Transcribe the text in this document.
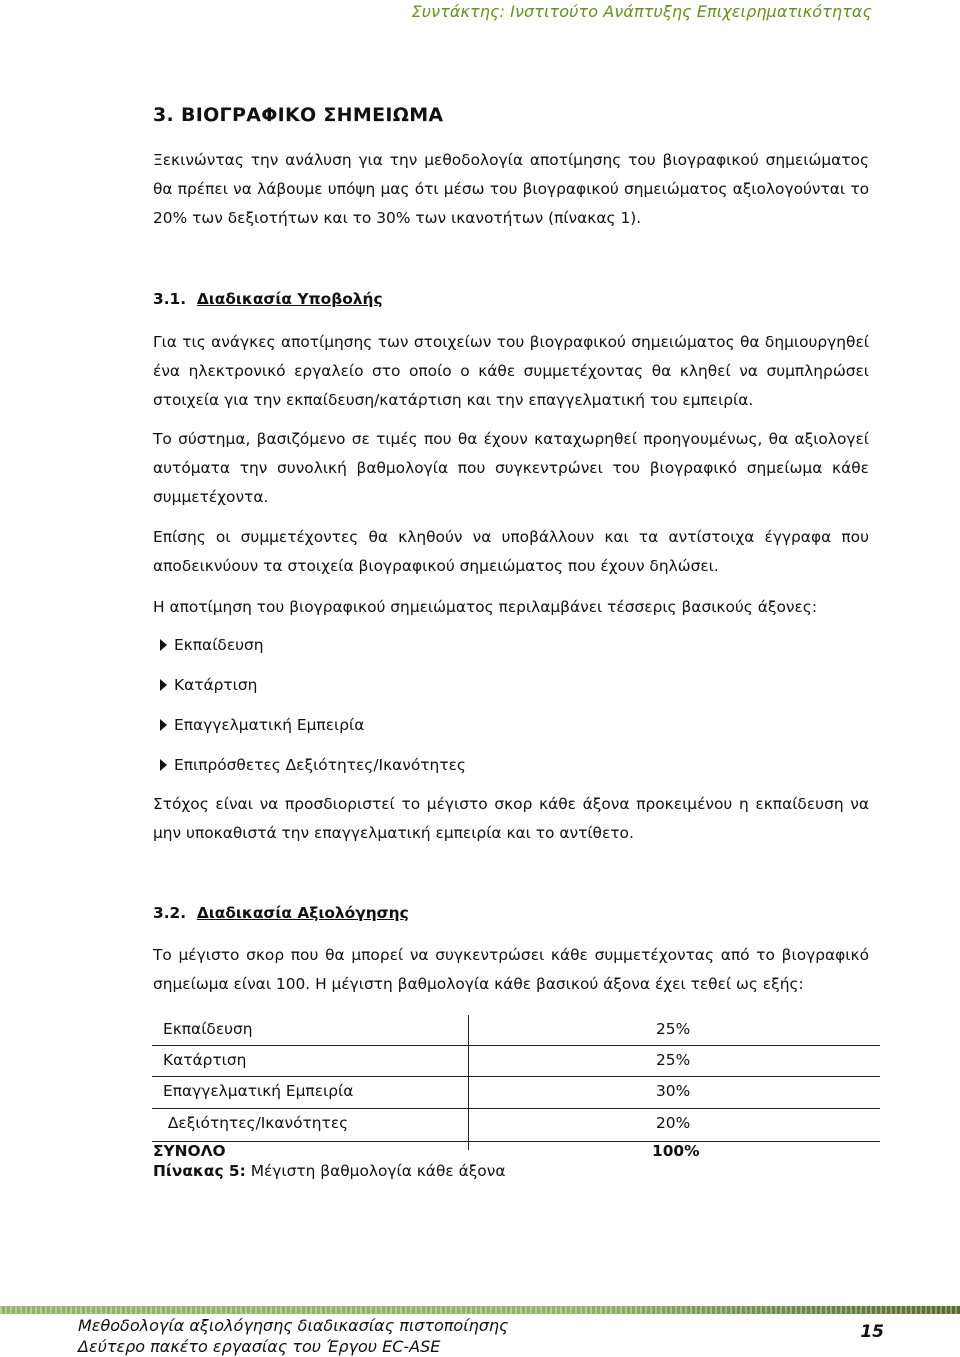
Συντάκτης: Ινστιτούτο Ανάπτυξης Επιχειρηματικότητας
3. ΒΙΟΓΡΑΦΙΚΟ ΣΗΜΕΙΩΜΑ
Ξεκινώντας την ανάλυση για την μεθοδολογία αποτίμησης του βιογραφικού σημειώματος θα πρέπει να λάβουμε υπόψη μας ότι μέσω του βιογραφικού σημειώματος αξιολογούνται το 20% των δεξιοτήτων και το 30% των ικανοτήτων (πίνακας 1).
3.1. Διαδικασία Υποβολής
Για τις ανάγκες αποτίμησης των στοιχείων του βιογραφικού σημειώματος θα δημιουργηθεί ένα ηλεκτρονικό εργαλείο στο οποίο ο κάθε συμμετέχοντας θα κληθεί να συμπληρώσει στοιχεία για την εκπαίδευση/κατάρτιση και την επαγγελματική του εμπειρία.
Το σύστημα, βασιζόμενο σε τιμές που θα έχουν καταχωρηθεί προηγουμένως, θα αξιολογεί αυτόματα την συνολική βαθμολογία που συγκεντρώνει του βιογραφικό σημείωμα κάθε συμμετέχοντα.
Επίσης οι συμμετέχοντες θα κληθούν να υποβάλλουν και τα αντίστοιχα έγγραφα που αποδεικνύουν τα στοιχεία βιογραφικού σημειώματος που έχουν δηλώσει.
Η αποτίμηση του βιογραφικού σημειώματος περιλαμβάνει τέσσερις βασικούς άξονες:
Εκπαίδευση
Κατάρτιση
Επαγγελματική Εμπειρία
Επιπρόσθετες Δεξιότητες/Ικανότητες
Στόχος είναι να προσδιοριστεί το μέγιστο σκορ κάθε άξονα προκειμένου η εκπαίδευση να μην υποκαθιστά την επαγγελματική εμπειρία και το αντίθετο.
3.2. Διαδικασία Αξιολόγησης
Το μέγιστο σκορ που θα μπορεί να συγκεντρώσει κάθε συμμετέχοντας από το βιογραφικό σημείωμα είναι 100. Η μέγιστη βαθμολογία κάθε βασικού άξονα έχει τεθεί ως εξής:
Εκπαίδευση	25%
Κατάρτιση	25%
Επαγγελματική Εμπειρία	30%
Δεξιότητες/Ικανότητες	20%
ΣΥΝΟΛΟ	100%
Πίνακας 5: Μέγιστη βαθμολογία κάθε άξονα
Μεθοδολογία αξιολόγησης διαδικασίας πιστοποίησης
Δεύτερο πακέτο εργασίας του Έργου EC-ASE
15
